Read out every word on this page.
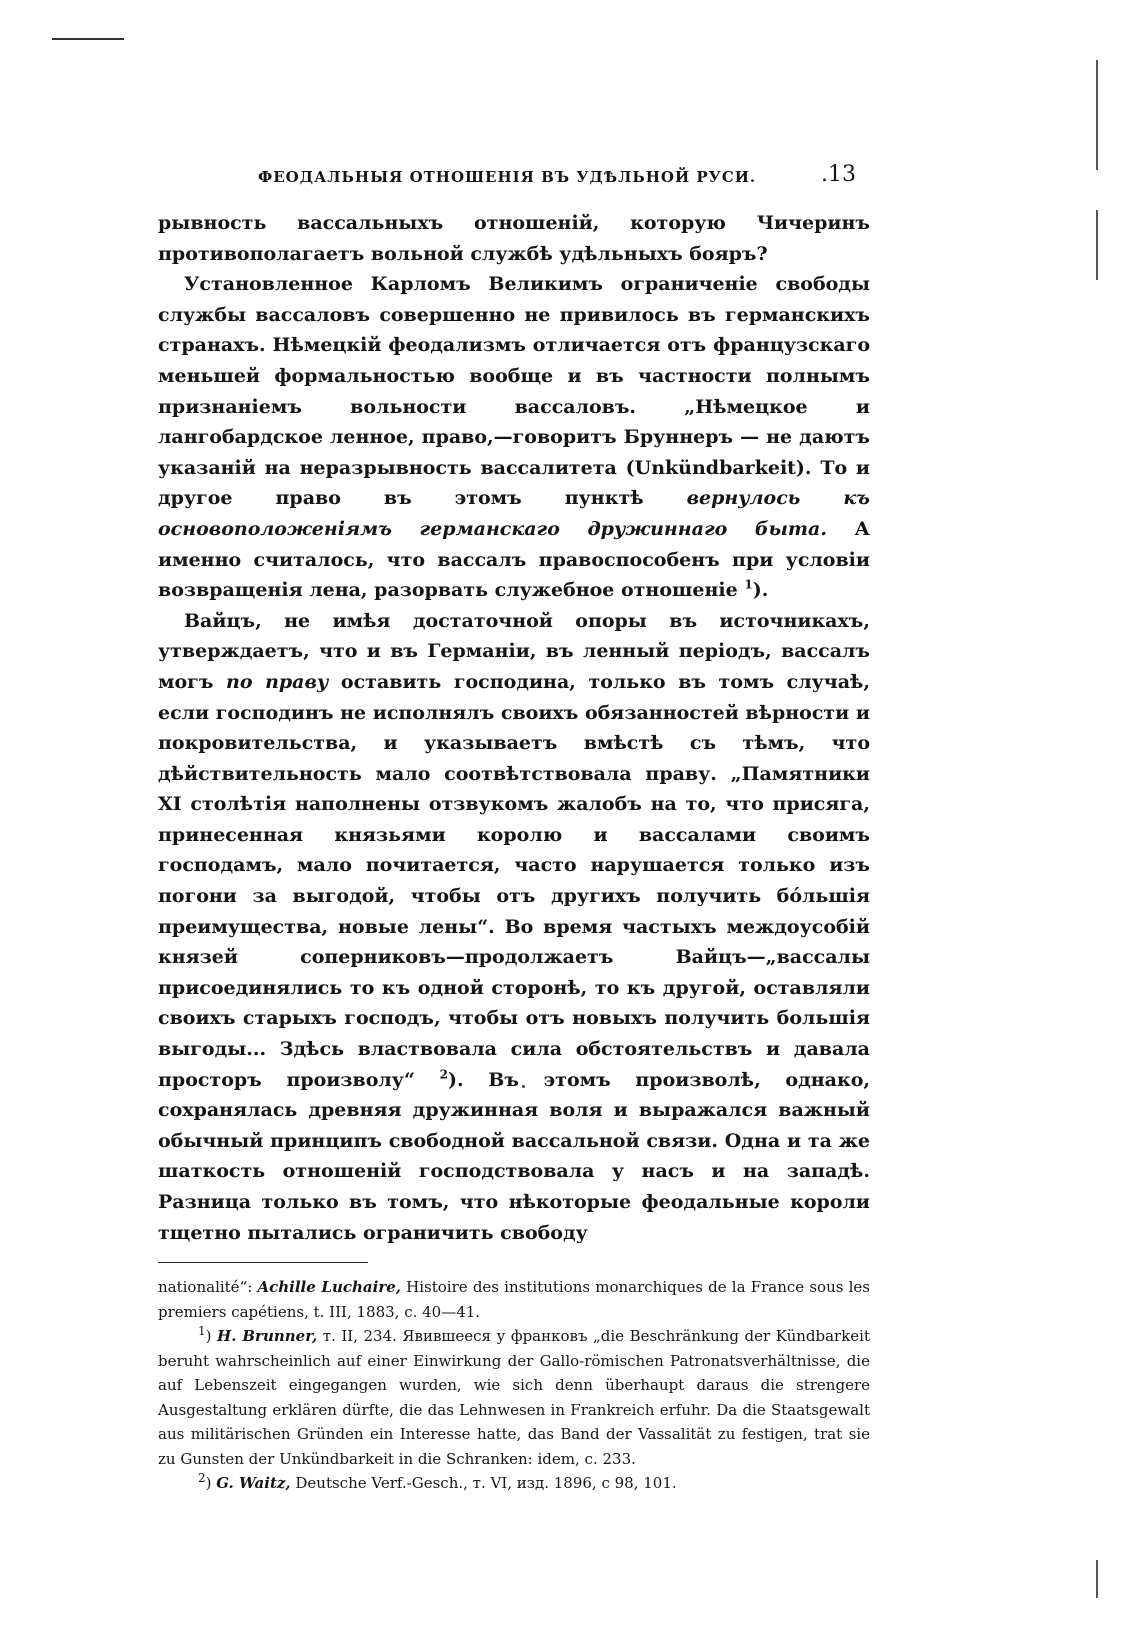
ФЕОДАЛЬНЫЯ ОТНОШЕНІЯ ВЪ УДѢЛЬНОЙ РУСИ.	.13

рывность вассальныхъ отношеній, которую Чичеринъ противополагаетъ вольной службѣ удѣльныхъ бояръ?

Установленное Карломъ Великимъ ограниченіе свободы службы вассаловъ совершенно не привилось въ германскихъ странахъ. Нѣмецкій феодализмъ отличается отъ французскаго меньшей формальностью вообще и въ частности полнымъ признаніемъ вольности вассаловъ. „Нѣмецкое и лангобардское ленное, право,—говоритъ Бруннеръ — не даютъ указаній на неразрывность вассалитета (Unkündbarkeit). То и другое право въ этомъ пунктѣ вернулось къ основоположеніямъ германскаго дружиннаго быта. А именно считалось, что вассалъ правоспособенъ при условіи возвращенія лена, разорвать служебное отношеніе $^1$).

Вайцъ, не имѣя достаточной опоры въ источникахъ, утверждаетъ, что и въ Германіи, въ ленный періодъ, вассалъ могъ по праву оставить господина, только въ томъ случаѣ, если господинъ не исполнялъ своихъ обязанностей вѣрности и покровительства, и указываетъ вмѣстѣ съ тѣмъ, что дѣйствительность мало соотвѣтствовала праву. „Памятники XI столѣтія наполнены отзвукомъ жалобъ на то, что присяга, принесенная князьями королю и вассалами своимъ господамъ, мало почитается, часто нарушается только изъ погони за выгодой, чтобы отъ другихъ получить бóльшія преимущества, новые лены“. Во время частыхъ междоусобій князей соперниковъ—продолжаетъ Вайцъ—„вассалы присоединялись то къ одной сторонѣ, то къ другой, оставляли своихъ старыхъ господъ, чтобы отъ новыхъ получить большія выгоды... Здѣсь властвовала сила обстоятельствъ и давала просторъ произволу“ $^2$). Въ этомъ произволѣ, однако, сохранялась древняя дружинная воля и выражался важный обычный принципъ свободной вассальной связи. Одна и та же шаткость отношеній господствовала у насъ и на западѣ. Разница только въ томъ, что нѣкоторые феодальные короли тщетно пытались ограничить свободу

nationalité“: Achille Luchaire, Histoire des institutions monarchiques de la France sous les premiers capétiens, t. III, 1883, c. 40—41.

$^1$) H. Brunner, т. II, 234. Явившееся у франковъ „die Beschränkung der Kündbarkeit beruht wahrscheinlich auf einer Einwirkung der Gallo-römischen Patronatsverhältnisse, die auf Lebenszeit eingegangen wurden, wie sich denn überhaupt daraus die strengere Ausgestaltung erklären dürfte, die das Lehnwesen in Frankreich erfuhr. Da die Staatsgewalt aus militärischen Gründen ein Interesse hatte, das Band der Vassalität zu festigen, trat sie zu Gunsten der Unkündbarkeit in die Schranken: idem, c. 233.

$^2$) G. Waitz, Deutsche Verf.-Gesch., т. VI, изд. 1896, c 98, 101.
